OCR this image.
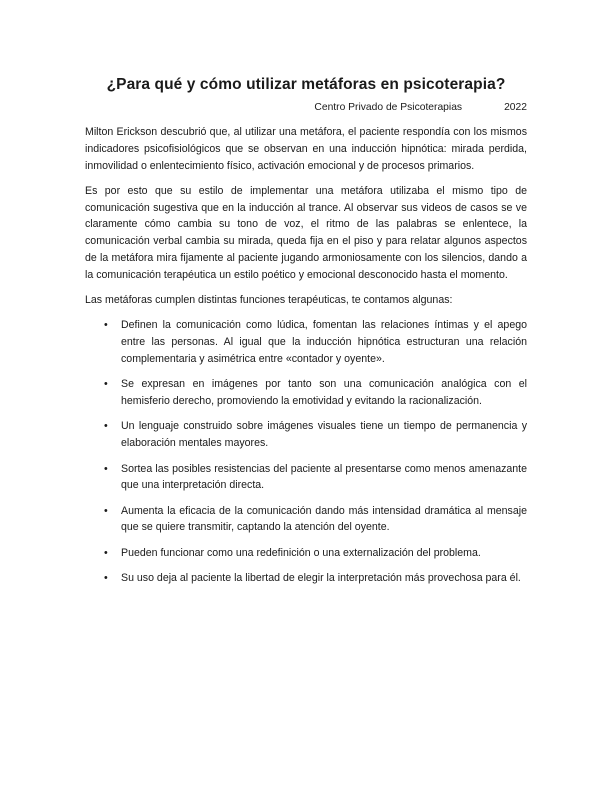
¿Para qué y cómo utilizar metáforas en psicoterapia?
Centro Privado de Psicoterapias	2022

Milton Erickson descubrió que, al utilizar una metáfora, el paciente respondía con los mismos indicadores psicofisiológicos que se observan en una inducción hipnótica: mirada perdida, inmovilidad o enlentecimiento físico, activación emocional y de procesos primarios.

Es por esto que su estilo de implementar una metáfora utilizaba el mismo tipo de comunicación sugestiva que en la inducción al trance. Al observar sus videos de casos se ve claramente cómo cambia su tono de voz, el ritmo de las palabras se enlentece, la comunicación verbal cambia su mirada, queda fija en el piso y para relatar algunos aspectos de la metáfora mira fijamente al paciente jugando armoniosamente con los silencios, dando a la comunicación terapéutica un estilo poético y emocional desconocido hasta el momento.

Las metáforas cumplen distintas funciones terapéuticas, te contamos algunas:

• Definen la comunicación como lúdica, fomentan las relaciones íntimas y el apego entre las personas. Al igual que la inducción hipnótica estructuran una relación complementaria y asimétrica entre «contador y oyente».
• Se expresan en imágenes por tanto son una comunicación analógica con el hemisferio derecho, promoviendo la emotividad y evitando la racionalización.
• Un lenguaje construido sobre imágenes visuales tiene un tiempo de permanencia y elaboración mentales mayores.
• Sortea las posibles resistencias del paciente al presentarse como menos amenazante que una interpretación directa.
• Aumenta la eficacia de la comunicación dando más intensidad dramática al mensaje que se quiere transmitir, captando la atención del oyente.
• Pueden funcionar como una redefinición o una externalización del problema.
• Su uso deja al paciente la libertad de elegir la interpretación más provechosa para él.
